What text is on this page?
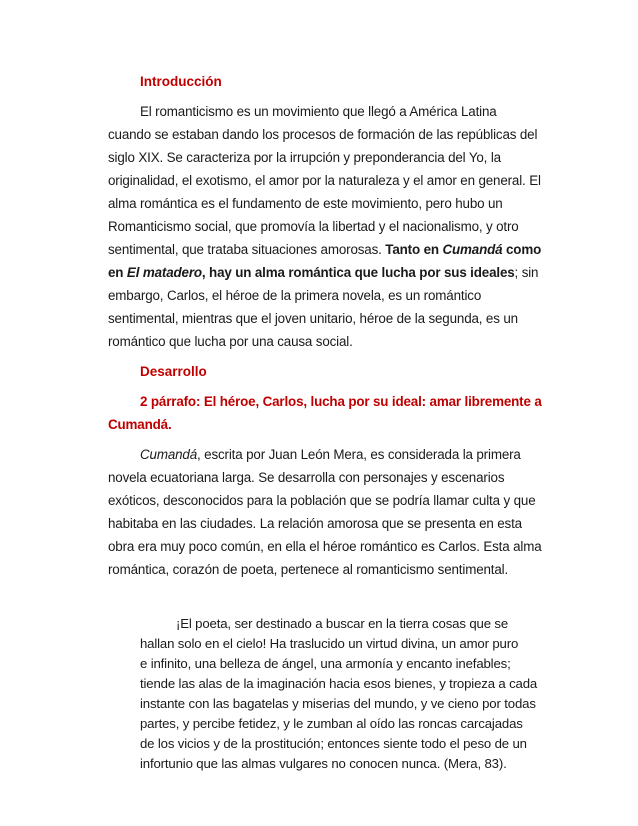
Introducción

El romanticismo es un movimiento que llegó a América Latina

cuando se estaban dando los procesos de formación de las repúblicas del

siglo XIX. Se caracteriza por la irrupción y preponderancia del Yo, la

originalidad, el exotismo, el amor por la naturaleza y el amor en general. El

alma romántica es el fundamento de este movimiento, pero hubo un

Romanticismo social, que promovía la libertad y el nacionalismo, y otro

sentimental, que trataba situaciones amorosas. Tanto en Cumandá como

en El matadero, hay un alma romántica que lucha por sus ideales; sin

embargo, Carlos, el héroe de la primera novela, es un romántico

sentimental, mientras que el joven unitario, héroe de la segunda, es un

romántico que lucha por una causa social.

Desarrollo

2 párrafo: El héroe, Carlos, lucha por su ideal: amar libremente a

Cumandá.

Cumandá, escrita por Juan León Mera, es considerada la primera

novela ecuatoriana larga. Se desarrolla con personajes y escenarios

exóticos, desconocidos para la población que se podría llamar culta y que

habitaba en las ciudades. La relación amorosa que se presenta en esta

obra era muy poco común, en ella el héroe romántico es Carlos. Esta alma

romántica, corazón de poeta, pertenece al romanticismo sentimental.

¡El poeta, ser destinado a buscar en la tierra cosas que se

hallan solo en el cielo! Ha traslucido un virtud divina, un amor puro

e infinito, una belleza de ángel, una armonía y encanto inefables;

tiende las alas de la imaginación hacia esos bienes, y tropieza a cada

instante con las bagatelas y miserias del mundo, y ve cieno por todas

partes, y percibe fetidez, y le zumban al oído las roncas carcajadas

de los vicios y de la prostitución; entonces siente todo el peso de un

infortunio que las almas vulgares no conocen nunca. (Mera, 83).
